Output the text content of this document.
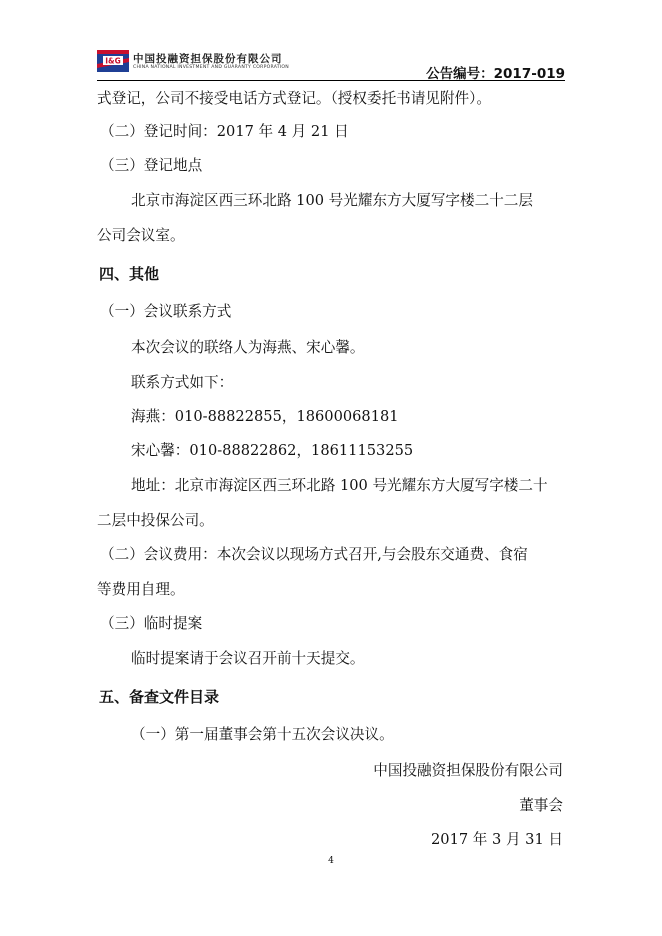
I&G 中国投融资担保股份有限公司
CHINA NATIONAL INVESTMENT AND GUARANTY CORPORATION	公告编号：2017-019
式登记，公司不接受电话方式登记。（授权委托书请见附件）。
（二）登记时间：2017 年 4 月 21 日
（三）登记地点
北京市海淀区西三环北路 100 号光耀东方大厦写字楼二十二层
公司会议室。
四、其他
（一）会议联系方式
本次会议的联络人为海燕、宋心馨。
联系方式如下：
海燕：010-88822855，18600068181
宋心馨：010-88822862，18611153255
地址：北京市海淀区西三环北路 100 号光耀东方大厦写字楼二十
二层中投保公司。
（二）会议费用：本次会议以现场方式召开,与会股东交通费、食宿
等费用自理。
（三）临时提案
临时提案请于会议召开前十天提交。
五、备查文件目录
（一）第一届董事会第十五次会议决议。
中国投融资担保股份有限公司
董事会
2017 年 3 月 31 日
4
